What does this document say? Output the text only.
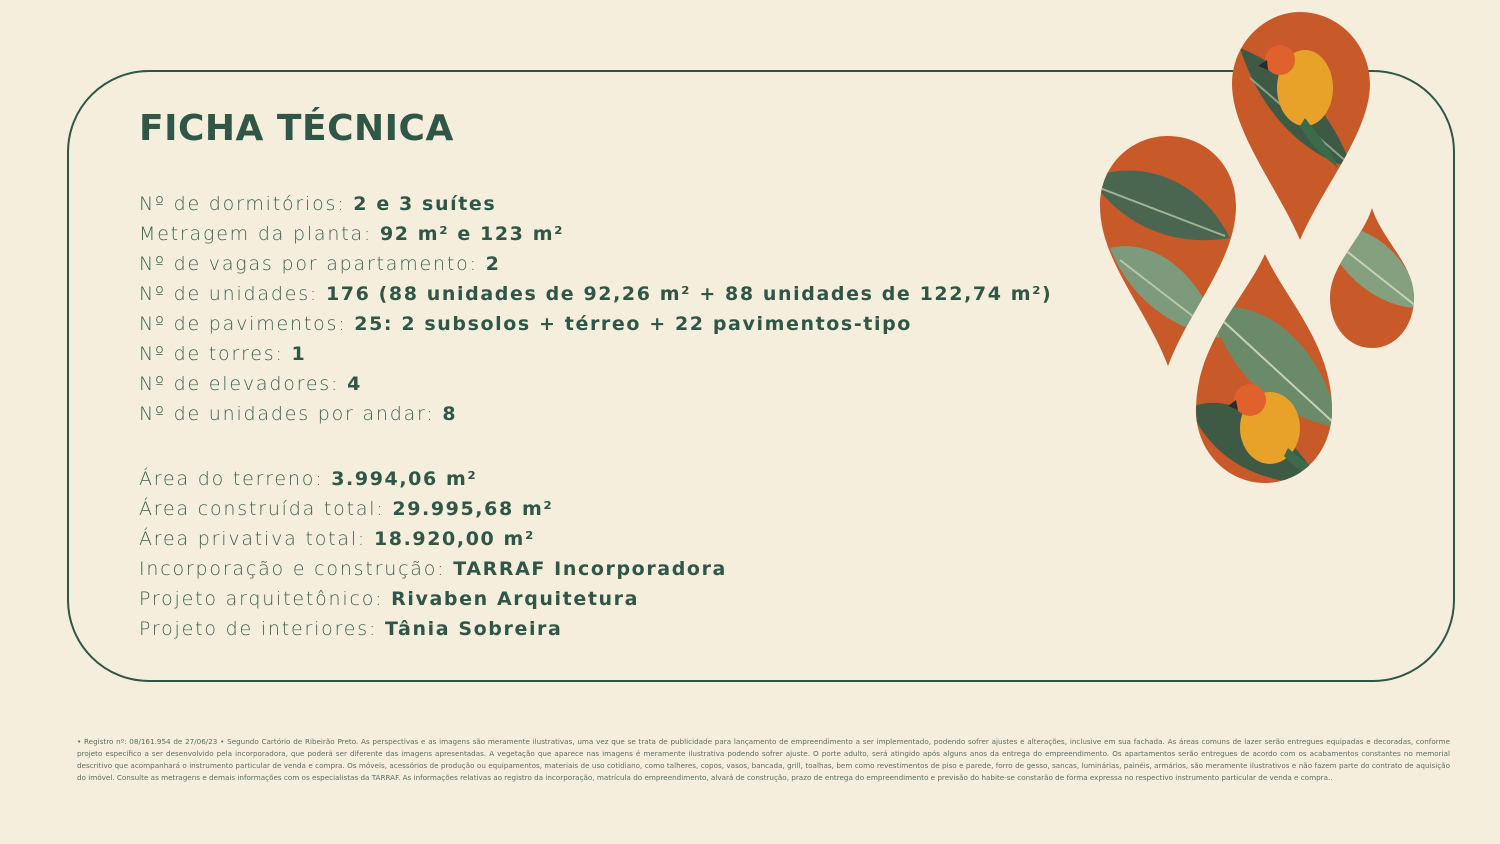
FICHA TÉCNICA
Nº de dormitórios: 2 e 3 suítes
Metragem da planta: 92 m² e 123 m²
Nº de vagas por apartamento: 2
Nº de unidades: 176 (88 unidades de 92,26 m² + 88 unidades de 122,74 m²)
Nº de pavimentos: 25: 2 subsolos + térreo + 22 pavimentos-tipo
Nº de torres: 1
Nº de elevadores: 4
Nº de unidades por andar: 8
Área do terreno: 3.994,06 m²
Área construída total: 29.995,68 m²
Área privativa total: 18.920,00 m²
Incorporação e construção: TARRAF Incorporadora
Projeto arquitetônico: Rivaben Arquitetura
Projeto de interiores: Tânia Sobreira
• Registro nº: 08/161.954 de 27/06/23 • Segundo Cartório de Ribeirão Preto. As perspectivas e as imagens são meramente ilustrativas, uma vez que se trata de publicidade para lançamento de empreendimento a ser implementado, podendo sofrer ajustes e alterações, inclusive em sua fachada. As áreas comuns de lazer serão entregues equipadas e decoradas, conforme projeto específico a ser desenvolvido pela incorporadora, que poderá ser diferente das imagens apresentadas. A vegetação que aparece nas imagens é meramente ilustrativa podendo sofrer ajuste. O porte adulto, será atingido após alguns anos da entrega do empreendimento. Os apartamentos serão entregues de acordo com os acabamentos constantes no memorial descritivo que acompanhará o instrumento particular de venda e compra. Os móveis, acessórios de produção ou equipamentos, materiais de uso cotidiano, como talheres, copos, vasos, bancada, grill, toalhas, bem como revestimentos de piso e parede, forro de gesso, sancas, luminárias, painéis, armários, são meramente ilustrativos e não fazem parte do contrato de aquisição do imóvel. Consulte as metragens e demais informações com os especialistas da TARRAF. As informações relativas ao registro da incorporação, matrícula do empreendimento, alvará de construção, prazo de entrega do empreendimento e previsão do habite-se constarão de forma expressa no respectivo instrumento particular de venda e compra..
